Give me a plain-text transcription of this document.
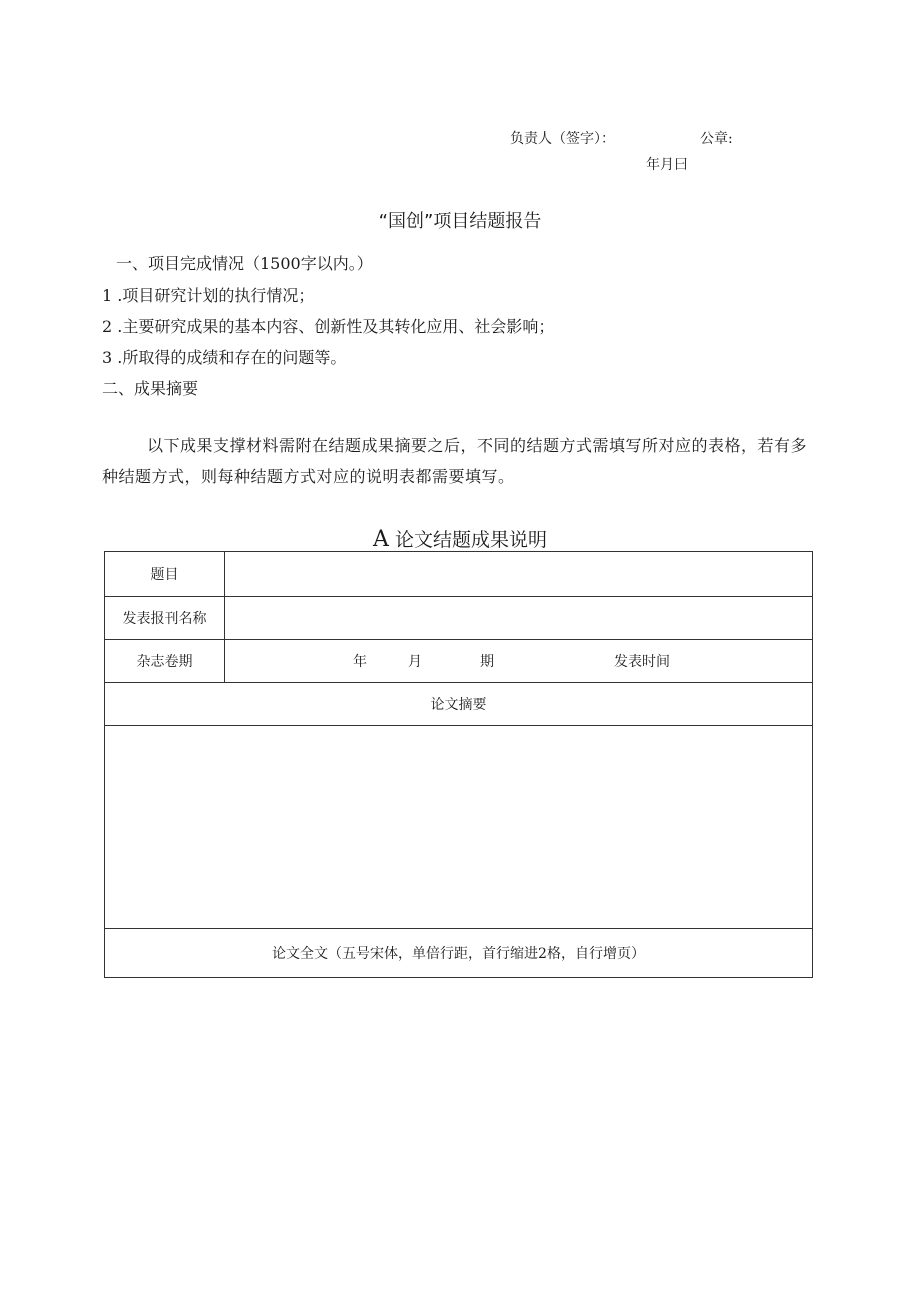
负责人（签字）：	公章:
年月曰
“国创”项目结题报告
一、项目完成情况（1500字以内。）
1 .项目研究计划的执行情况；
2 .主要研究成果的基本内容、创新性及其转化应用、社会影响；
3 .所取得的成绩和存在的问题等。
二、成果摘要
以下成果支撑材料需附在结题成果摘要之后，不同的结题方式需填写所对应的表格，若有多种结题方式，则每种结题方式对应的说明表都需要填写。
A 论文结题成果说明
题目	
发表报刊名称	
杂志卷期	年 月 期 发表时间
论文摘要	

论文全文（五号宋体，单倍行距，首行缩进2格，自行增页）	
